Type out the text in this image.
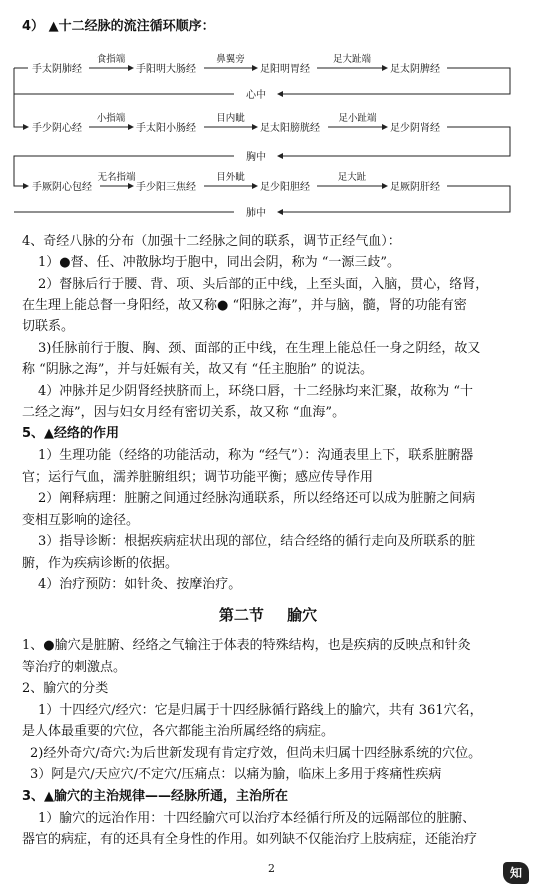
4） ▲十二经脉的流注循环顺序：
手太阴肺经	手阳明大肠经	足阳明胃经	足太阴脾经
食指端	鼻翼旁	足大趾端
心中
手少阴心经	手太阳小肠经	足太阳膀胱经	足少阴肾经
小指端	目内眦	足小趾端
胸中
手厥阴心包经	手少阳三焦经	足少阳胆经	足厥阴肝经
无名指端	目外眦	足大趾
肺中
4、奇经八脉的分布（加强十二经脉之间的联系，调节正经气血）：
1）●督、任、冲散脉均于胞中，同出会阴，称为 “一源三歧”。
2）督脉后行于腰、背、项、头后部的正中线，上至头面，入脑，贯心，络肾，
在生理上能总督一身阳经，故又称● “阳脉之海”，并与脑，髓，肾的功能有密
切联系。
3)任脉前行于腹、胸、颈、面部的正中线，在生理上能总任一身之阴经，故又
称 “阴脉之海”，并与妊娠有关，故又有 “任主胞胎” 的说法。
4）冲脉并足少阴肾经挟脐而上，环绕口唇，十二经脉均来汇聚，故称为 “十
二经之海”，因与妇女月经有密切关系，故又称 “血海”。
1）生理功能（经络的功能活动，称为 “经气”）：沟通表里上下，联系脏腑器
官；运行气血，濡养脏腑组织；调节功能平衡；感应传导作用
2）阐释病理：脏腑之间通过经脉沟通联系，所以经络还可以成为脏腑之间病
变相互影响的途径。
3）指导诊断：根据疾病症状出现的部位，结合经络的循行走向及所联系的脏
腑，作为疾病诊断的依据。
4）治疗预防：如针灸、按摩治疗。
1、●腧穴是脏腑、经络之气输注于体表的特殊结构，也是疾病的反映点和针灸
等治疗的刺激点。
2、腧穴的分类
1）十四经穴/经穴：它是归属于十四经脉循行路线上的腧穴，共有 361穴名，
是人体最重要的穴位，各穴都能主治所属经络的病症。
2)经外奇穴/奇穴:为后世新发现有肯定疗效，但尚未归属十四经脉系统的穴位。
3）阿是穴/天应穴/不定穴/压痛点：以痛为腧，临床上多用于疼痛性疾病
1）腧穴的远治作用：十四经腧穴可以治疗本经循行所及的远隔部位的脏腑、
器官的病症，有的还具有全身性的作用。如列缺不仅能治疗上肢病症，还能治疗
5、▲经络的作用
第二节 腧穴
3、▲腧穴的主治规律——经脉所通，主治所在
2	知
